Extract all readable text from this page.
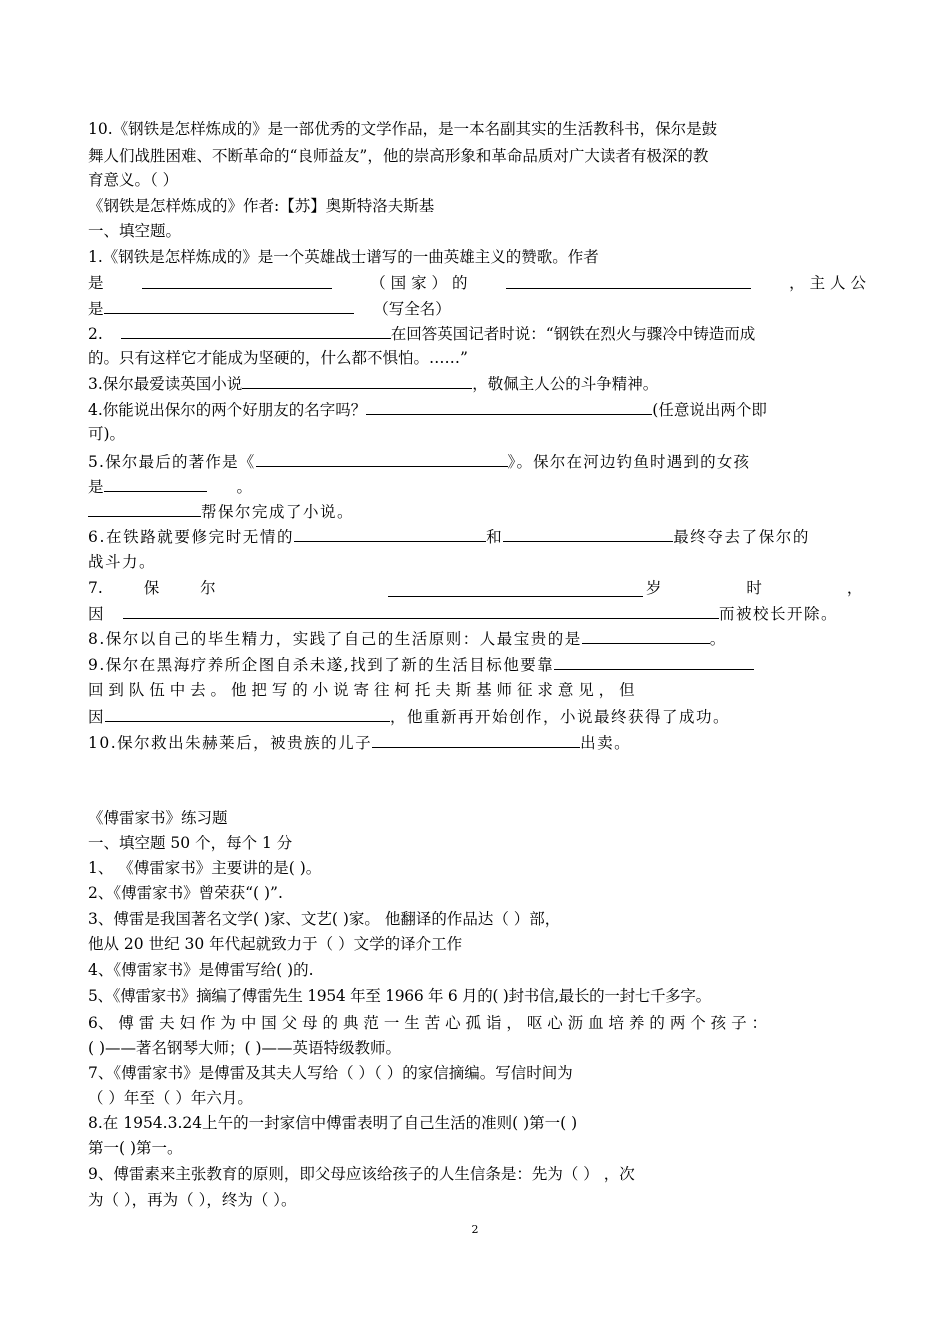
10.《钢铁是怎样炼成的》是一部优秀的文学作品，是一本名副其实的生活教科书，保尔是鼓
舞人们战胜困难、不断革命的“良师益友”，他的崇高形象和革命品质对广大读者有极深的教
育意义。（ ）
《钢铁是怎样炼成的》作者:【苏】奥斯特洛夫斯基
一、填空题。
1.《钢铁是怎样炼成的》是一个英雄战士谱写的一曲英雄主义的赞歌。作者
是	（ 国 家 ） 的	， 主 人 公
是	（写全名）
2.	在回答英国记者时说：“钢铁在烈火与骤冷中铸造而成
的。只有这样它才能成为坚硬的，什么都不惧怕。……”
3.保尔最爱读英国小说	，敬佩主人公的斗争精神。
4.你能说出保尔的两个好朋友的名字吗？	(任意说出两个即
可)。
5.保尔最后的著作是《	》。保尔在河边钓鱼时遇到的女孩
是	。
帮保尔完成了小说。
6.在铁路就要修完时无情的	和	最终夺去了保尔的
战斗力。
7. 保 尔	岁 时 ，
因	而被校长开除。
8.保尔以自己的毕生精力，实践了自己的生活原则：人最宝贵的是	。
9.保尔在黑海疗养所企图自杀未遂,找到了新的生活目标他要靠
回 到 队 伍 中 去 。 他 把 写 的 小 说 寄 往 柯 托 夫 斯 基 师 征 求 意 见 ， 但
因	，他重新再开始创作，小说最终获得了成功。
10.保尔救出朱赫莱后，被贵族的儿子	出卖。
《傅雷家书》练习题
一、填空题 50 个，每个 1 分
1、 《傅雷家书》主要讲的是( )。
2、《傅雷家书》曾荣获“( )”.
3、傅雷是我国著名文学( )家、文艺( )家。 他翻译的作品达（ ）部，
他从 20 世纪 30 年代起就致力于（ ）文学的译介工作
4、《傅雷家书》是傅雷写给( )的.
5、《傅雷家书》摘编了傅雷先生 1954 年至 1966 年 6 月的( )封书信,最长的一封七千多字。
6、 傅 雷 夫 妇 作 为 中 国 父 母 的 典 范 一 生 苦 心 孤 诣 ， 呕 心 沥 血 培 养 的 两 个 孩 子 ：
( )——著名钢琴大师；( )——英语特级教师。
7、《傅雷家书》是傅雷及其夫人写给（ ）（ ）的家信摘编。写信时间为
（ ）年至（ ）年六月。
8.在 1954.3.24上午的一封家信中傅雷表明了自己生活的准则( )第一( )
第一( )第一。
9、傅雷素来主张教育的原则，即父母应该给孩子的人生信条是：先为（ ） ，次
为（ ），再为（ ），终为（ ）。
2
